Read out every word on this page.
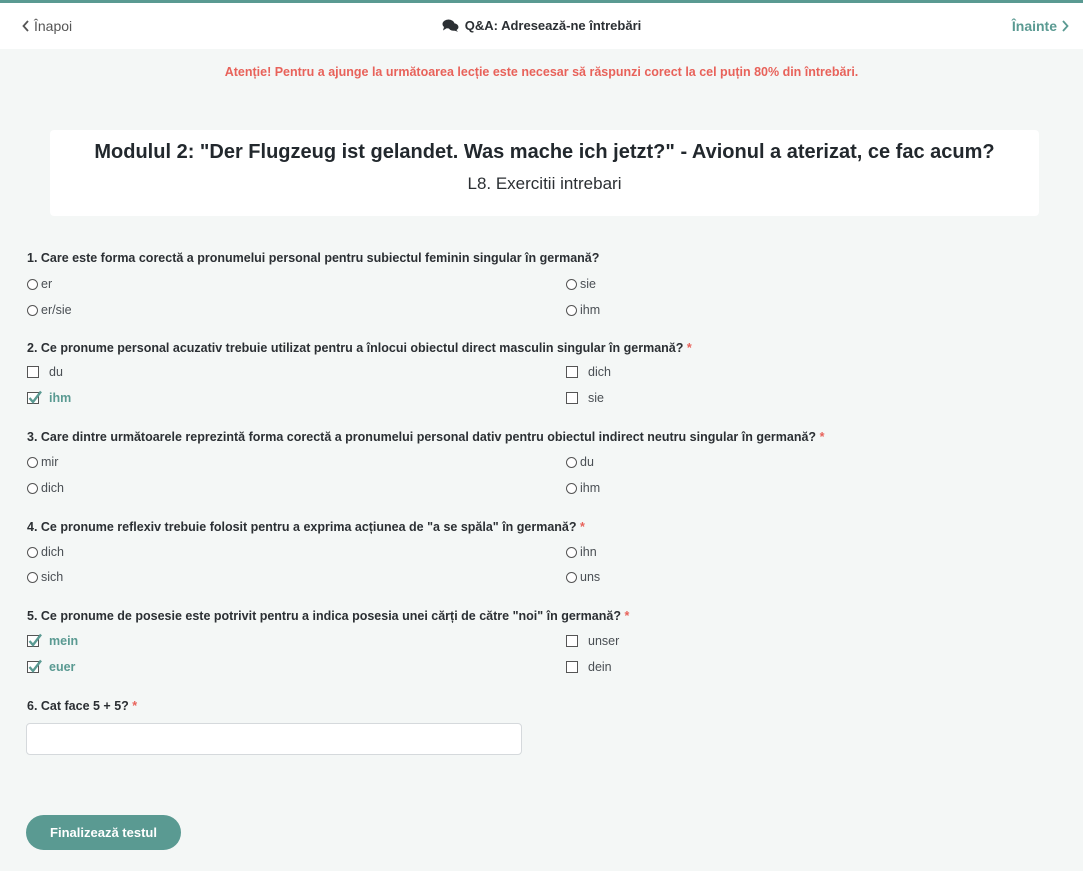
Înapoi	Q&A: Adresează-ne întrebări	Înainte
Atenție! Pentru a ajunge la următoarea lecție este necesar să răspunzi corect la cel puțin 80% din întrebări.
Modulul 2: "Der Flugzeug ist gelandet. Was mache ich jetzt?" - Avionul a aterizat, ce fac acum?
L8. Exercitii intrebari
1. Care este forma corectă a pronumelui personal pentru subiectul feminin singular în germană?
er	sie
er/sie	ihm
2. Ce pronume personal acuzativ trebuie utilizat pentru a înlocui obiectul direct masculin singular în germană? *
du	dich
ihm	sie
3. Care dintre următoarele reprezintă forma corectă a pronumelui personal dativ pentru obiectul indirect neutru singular în germană? *
mir	du
dich	ihm
4. Ce pronume reflexiv trebuie folosit pentru a exprima acțiunea de "a se spăla" în germană? *
dich	ihn
sich	uns
5. Ce pronume de posesie este potrivit pentru a indica posesia unei cărți de către "noi" în germană? *
mein	unser
euer	dein
6. Cat face 5 + 5? *
Finalizează testul
